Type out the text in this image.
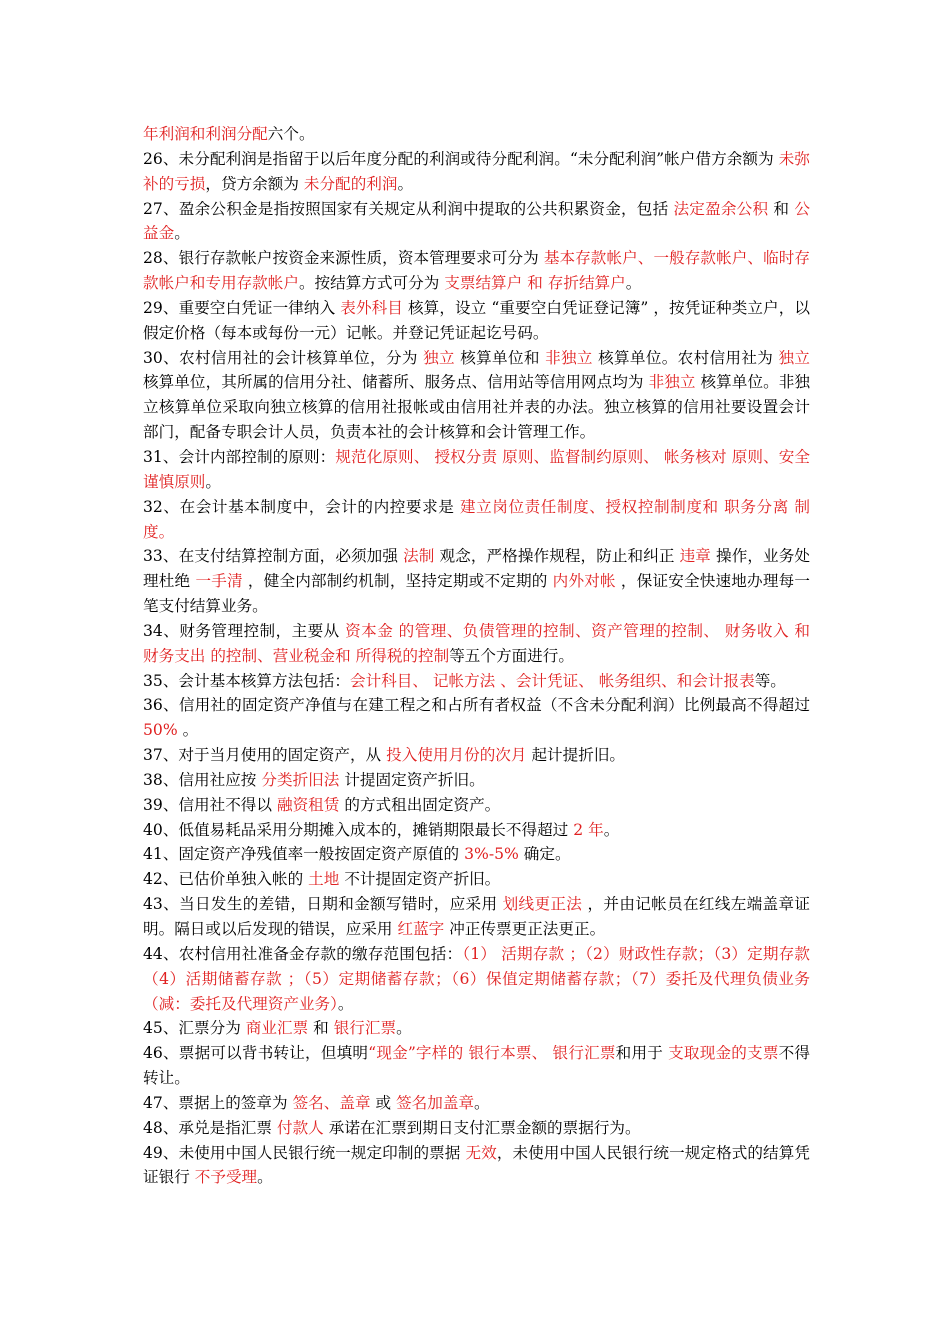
年利润和利润分配六个。

26、未分配利润是指留于以后年度分配的利润或待分配利润。“未分配利润”帐户借方余额为 未弥补的亏损，贷方余额为 未分配的利润。

27、盈余公积金是指按照国家有关规定从利润中提取的公共积累资金，包括 法定盈余公积 和 公益金。

28、银行存款帐户按资金来源性质，资本管理要求可分为 基本存款帐户、一般存款帐户、临时存款帐户和专用存款帐户。按结算方式可分为 支票结算户 和 存折结算户。

29、重要空白凭证一律纳入 表外科目 核算，设立 “重要空白凭证登记簿” ，按凭证种类立户，以假定价格（每本或每份一元）记帐。并登记凭证起讫号码。

30、农村信用社的会计核算单位，分为 独立 核算单位和 非独立 核算单位。农村信用社为 独立 核算单位，其所属的信用分社、储蓄所、服务点、信用站等信用网点均为 非独立 核算单位。非独立核算单位采取向独立核算的信用社报帐或由信用社并表的办法。独立核算的信用社要设置会计部门，配备专职会计人员，负责本社的会计核算和会计管理工作。

31、会计内部控制的原则：规范化原则、 授权分责 原则、监督制约原则、 帐务核对 原则、安全谨慎原则。

32、在会计基本制度中，会计的内控要求是 建立岗位责任制度、授权控制制度和 职务分离 制度。

33、在支付结算控制方面，必须加强 法制 观念，严格操作规程，防止和纠正 违章 操作，业务处理杜绝 一手清 ，健全内部制约机制，坚持定期或不定期的 内外对帐 ，保证安全快速地办理每一笔支付结算业务。

34、财务管理控制，主要从 资本金 的管理、负债管理的控制、资产管理的控制、 财务收入 和 财务支出 的控制、营业税金和 所得税的控制等五个方面进行。

35、会计基本核算方法包括：会计科目、 记帐方法 、会计凭证、 帐务组织、和会计报表等。

36、信用社的固定资产净值与在建工程之和占所有者权益（不含未分配利润）比例最高不得超过 50% 。

37、对于当月使用的固定资产，从 投入使用月份的次月 起计提折旧。

38、信用社应按 分类折旧法 计提固定资产折旧。

39、信用社不得以 融资租赁 的方式租出固定资产。

40、低值易耗品采用分期摊入成本的，摊销期限最长不得超过 2 年。

41、固定资产净残值率一般按固定资产原值的 3%-5% 确定。

42、已估价单独入帐的 土地 不计提固定资产折旧。

43、当日发生的差错，日期和金额写错时，应采用 划线更正法 ，并由记帐员在红线左端盖章证明。隔日或以后发现的错误，应采用 红蓝字 冲正传票更正法更正。

44、农村信用社准备金存款的缴存范围包括：（1） 活期存款 ；（2）财政性存款；（3）定期存款（4）活期储蓄存款 ；（5）定期储蓄存款；（6）保值定期储蓄存款；（7）委托及代理负债业务（减：委托及代理资产业务）。

45、汇票分为 商业汇票 和 银行汇票。

46、票据可以背书转让，但填明“现金”字样的 银行本票、 银行汇票和用于 支取现金的支票不得转让。

47、票据上的签章为 签名、盖章 或 签名加盖章。

48、承兑是指汇票 付款人 承诺在汇票到期日支付汇票金额的票据行为。

49、未使用中国人民银行统一规定印制的票据 无效，未使用中国人民银行统一规定格式的结算凭证银行 不予受理。
